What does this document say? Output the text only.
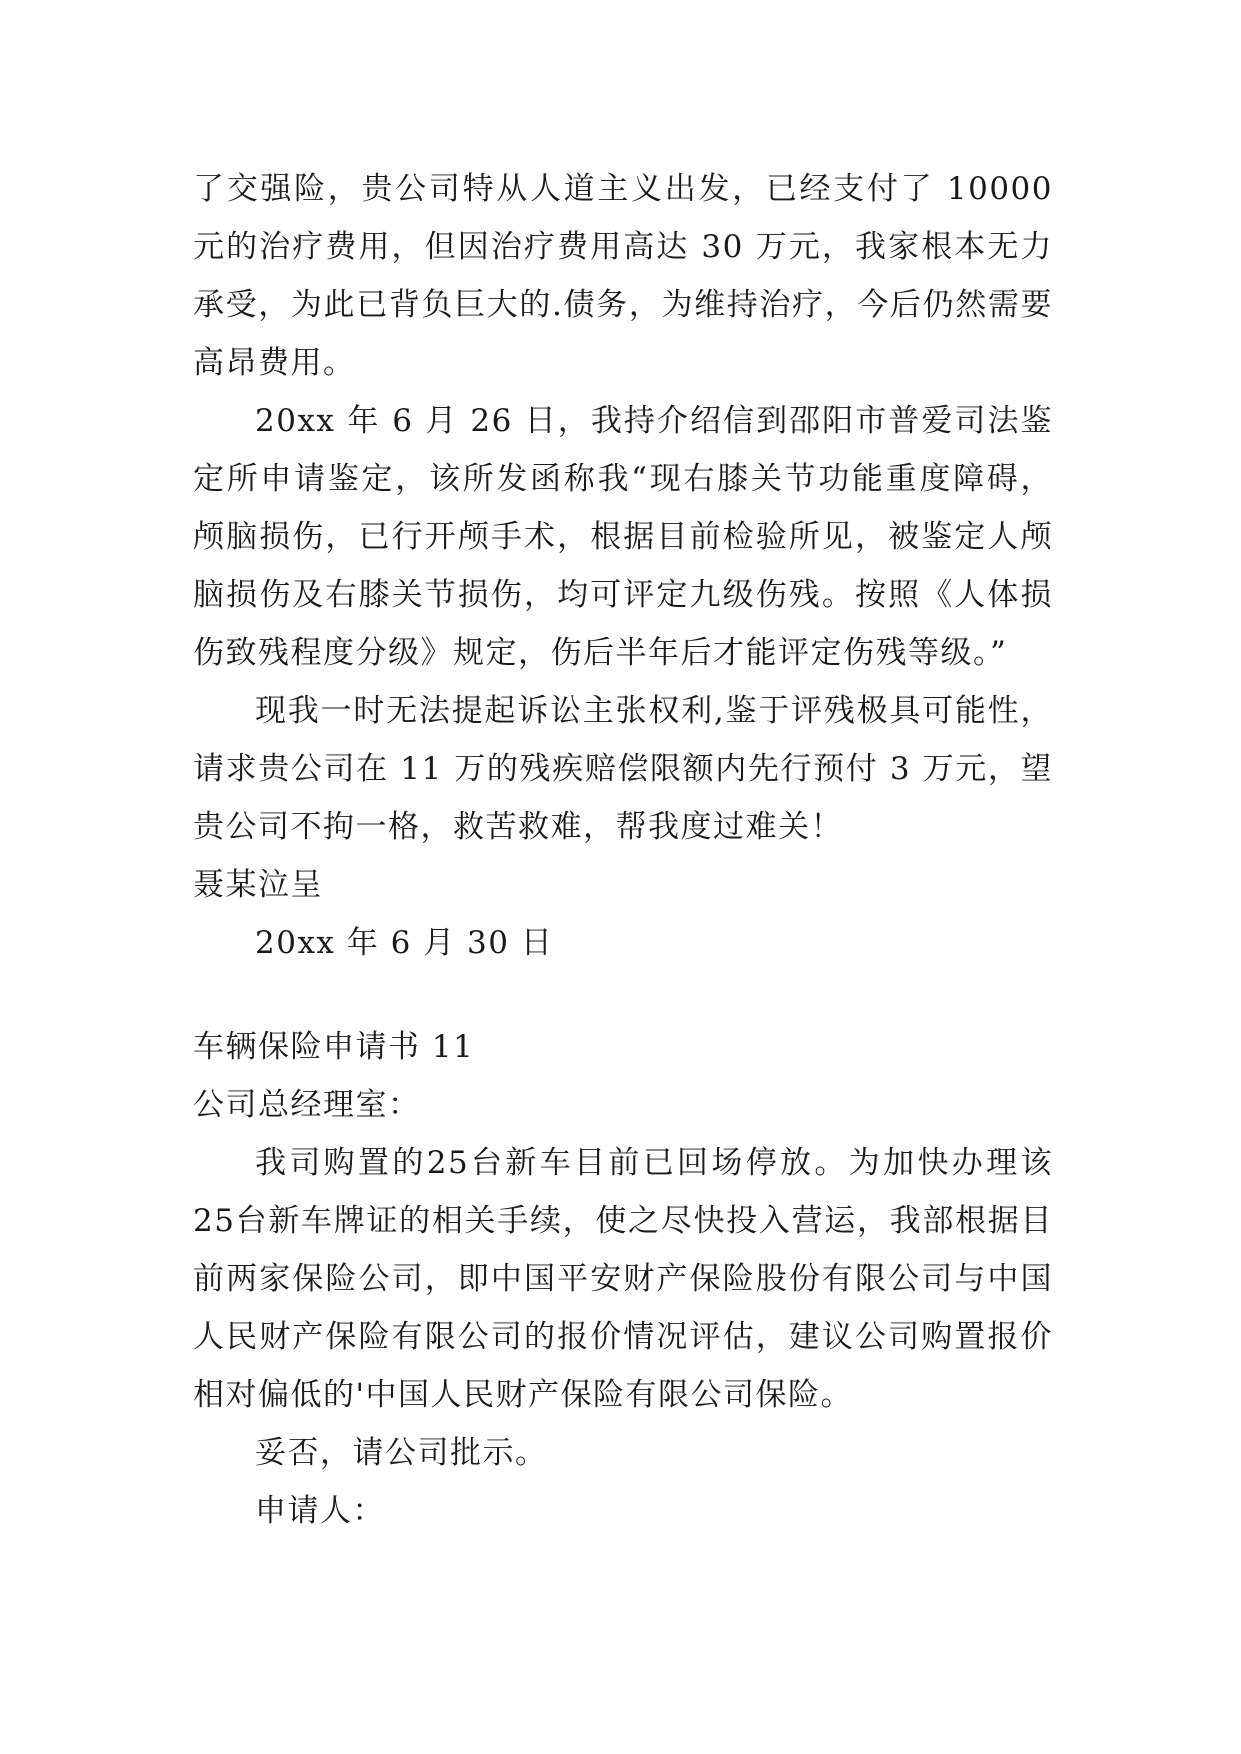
了交强险，贵公司特从人道主义出发，已经支付了 10000 元的治疗费用，但因治疗费用高达 30 万元，我家根本无力承受，为此已背负巨大的.债务，为维持治疗，今后仍然需要高昂费用。

20xx 年 6 月 26 日，我持介绍信到邵阳市普爱司法鉴定所申请鉴定，该所发函称我“现右膝关节功能重度障碍，颅脑损伤，已行开颅手术，根据目前检验所见，被鉴定人颅脑损伤及右膝关节损伤，均可评定九级伤残。按照《人体损伤致残程度分级》规定，伤后半年后才能评定伤残等级。”

现我一时无法提起诉讼主张权利,鉴于评残极具可能性，请求贵公司在 11 万的残疾赔偿限额内先行预付 3 万元，望贵公司不拘一格，救苦救难，帮我度过难关！

聂某泣呈

20xx 年 6 月 30 日

车辆保险申请书 11

公司总经理室：

我司购置的25台新车目前已回场停放。为加快办理该25台新车牌证的相关手续，使之尽快投入营运，我部根据目前两家保险公司，即中国平安财产保险股份有限公司与中国人民财产保险有限公司的报价情况评估，建议公司购置报价相对偏低的'中国人民财产保险有限公司保险。

妥否，请公司批示。

申请人：
